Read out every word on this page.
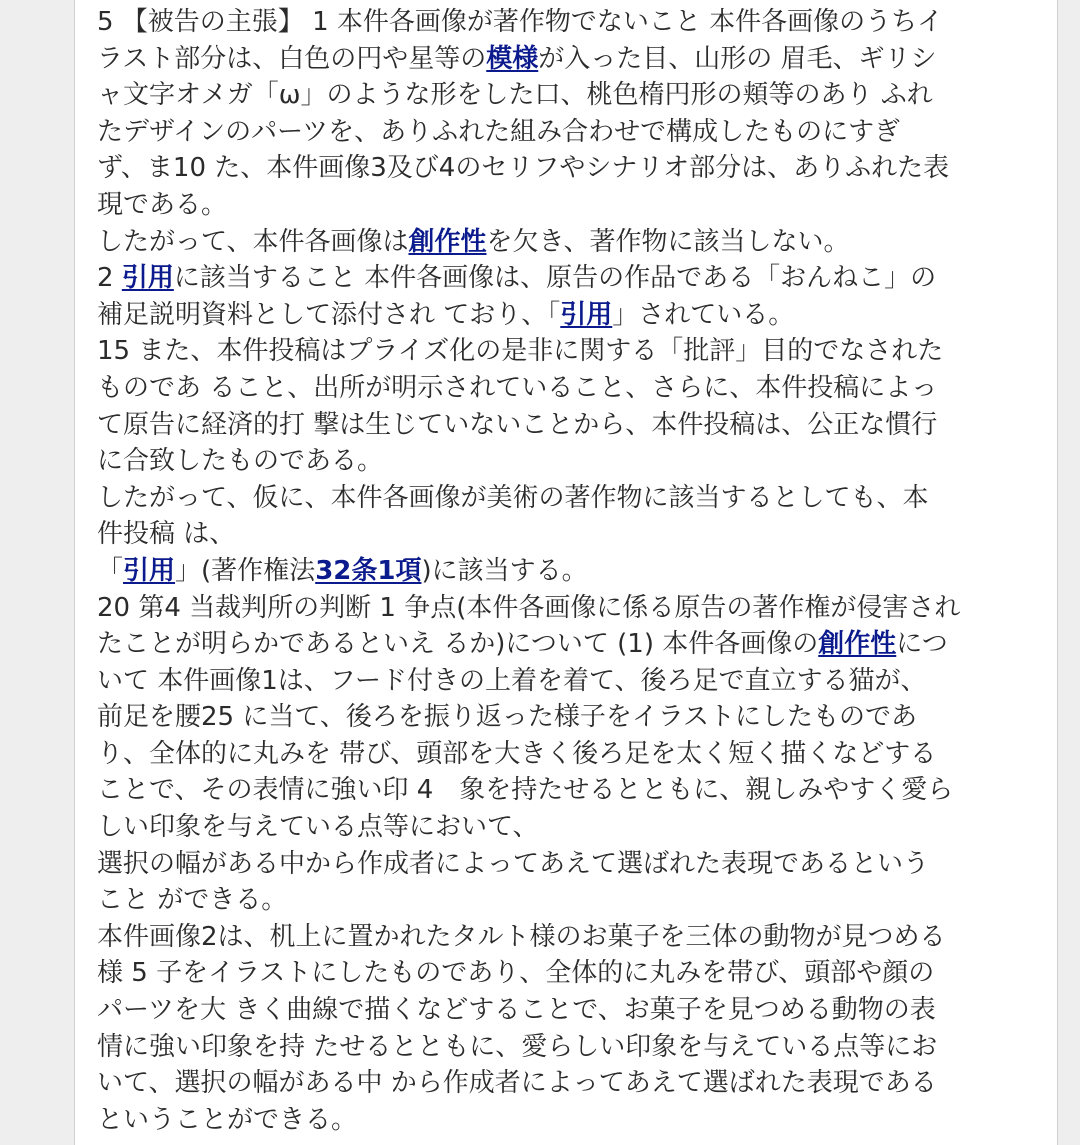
5 【被告の主張】 1 本件各画像が著作物でないこと 本件各画像のうちイ

ラスト部分は、白色の円や星等の模様が入った目、山形の 眉毛、ギリシ

ャ文字オメガ「ω」のような形をした口、桃色楕円形の頬等のあり ふれ

たデザインのパーツを、ありふれた組み合わせで構成したものにすぎ

ず、ま10 た、本件画像3及び4のセリフやシナリオ部分は、ありふれた表

現である。

したがって、本件各画像は創作性を欠き、著作物に該当しない。

2 引用に該当すること 本件各画像は、原告の作品である「おんねこ」の

補足説明資料として添付され ており、「引用」されている。

15 また、本件投稿はプライズ化の是非に関する「批評」目的でなされた

ものであ ること、出所が明示されていること、さらに、本件投稿によっ

て原告に経済的打 撃は生じていないことから、本件投稿は、公正な慣行

に合致したものである。

したがって、仮に、本件各画像が美術の著作物に該当するとしても、本

件投稿 は、

「引用」(著作権法32条1項)に該当する。

20 第4 当裁判所の判断 1 争点(本件各画像に係る原告の著作権が侵害され

たことが明らかであるといえ るか)について (1) 本件各画像の創作性につ

いて 本件画像1は、フード付きの上着を着て、後ろ足で直立する猫が、

前足を腰25 に当て、後ろを振り返った様子をイラストにしたものであ

り、全体的に丸みを 帯び、頭部を大きく後ろ足を太く短く描くなどする

ことで、その表情に強い印 4　象を持たせるとともに、親しみやすく愛ら

しい印象を与えている点等において、

選択の幅がある中から作成者によってあえて選ばれた表現であるという

こと ができる。

本件画像2は、机上に置かれたタルト様のお菓子を三体の動物が見つめる

様 5 子をイラストにしたものであり、全体的に丸みを帯び、頭部や顔の

パーツを大 きく曲線で描くなどすることで、お菓子を見つめる動物の表

情に強い印象を持 たせるとともに、愛らしい印象を与えている点等にお

いて、選択の幅がある中 から作成者によってあえて選ばれた表現である

ということができる。
